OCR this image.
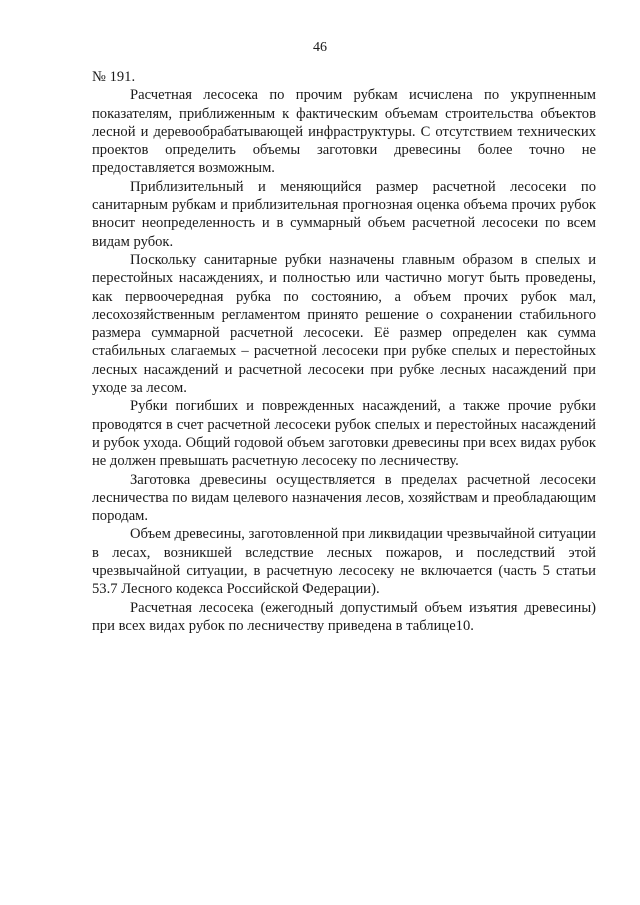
46

№ 191.

Расчетная лесосека по прочим рубкам исчислена по укрупненным показателям, приближенным к фактическим объемам строительства объектов лесной и деревообрабатывающей инфраструктуры. С отсутствием технических проектов определить объемы заготовки древесины более точно не предоставляется возможным.

Приблизительный и меняющийся размер расчетной лесосеки по санитарным рубкам и приблизительная прогнозная оценка объема прочих рубок вносит неопределенность и в суммарный объем расчетной лесосеки по всем видам рубок.

Поскольку санитарные рубки назначены главным образом в спелых и перестойных насаждениях, и полностью или частично могут быть проведены, как первоочередная рубка по состоянию, а объем прочих рубок мал, лесохозяйственным регламентом принято решение о сохранении стабильного размера суммарной расчетной лесосеки. Её размер определен как сумма стабильных слагаемых – расчетной лесосеки при рубке спелых и перестойных лесных насаждений и расчетной лесосеки при рубке лесных насаждений при уходе за лесом.

Рубки погибших и поврежденных насаждений, а также прочие рубки проводятся в счет расчетной лесосеки рубок спелых и перестойных насаждений и рубок ухода. Общий годовой объем заготовки древесины при всех видах рубок не должен превышать расчетную лесосеку по лесничеству.

Заготовка древесины осуществляется в пределах расчетной лесосеки лесничества по видам целевого назначения лесов, хозяйствам и преобладающим породам.

Объем древесины, заготовленной при ликвидации чрезвычайной ситуации в лесах, возникшей вследствие лесных пожаров, и последствий этой чрезвычайной ситуации, в расчетную лесосеку не включается (часть 5 статьи 53.7 Лесного кодекса Российской Федерации).

Расчетная лесосека (ежегодный допустимый объем изъятия древесины) при всех видах рубок по лесничеству приведена в таблице10.
